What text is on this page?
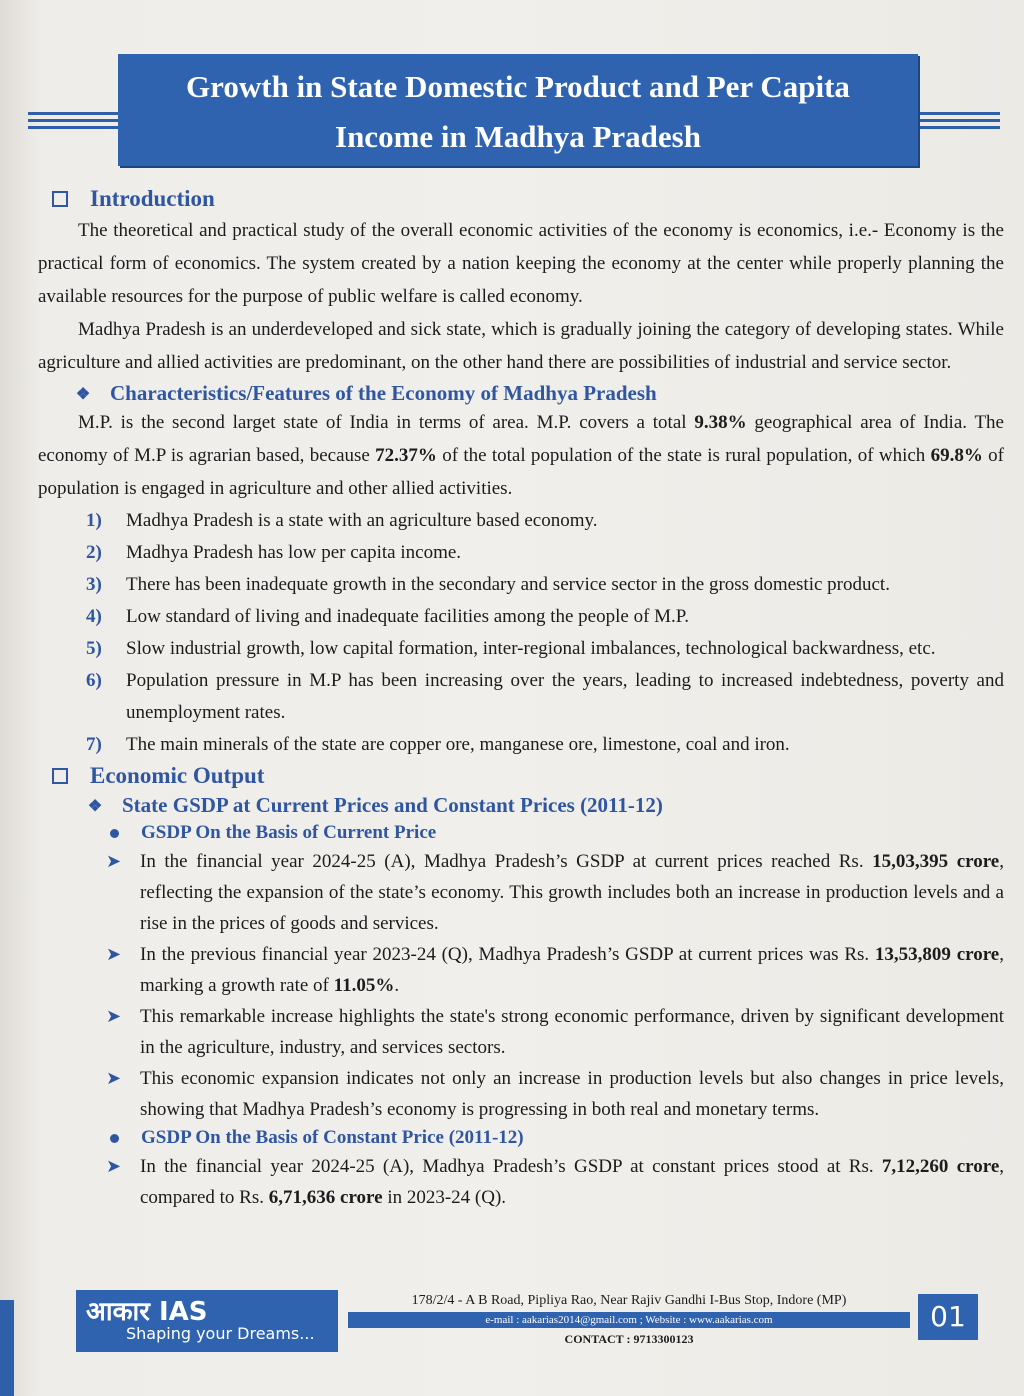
Growth in State Domestic Product and Per Capita
Income in Madhya Pradesh
Introduction

The theoretical and practical study of the overall economic activities of the economy is economics, i.e.- Economy is the practical form of economics. The system created by a nation keeping the economy at the center while properly planning the available resources for the purpose of public welfare is called economy.

Madhya Pradesh is an underdeveloped and sick state, which is gradually joining the category of developing states. While agriculture and allied activities are predominant, on the other hand there are possibilities of industrial and service sector.

❖ Characteristics/Features of the Economy of Madhya Pradesh

M.P. is the second larget state of India in terms of area. M.P. covers a total 9.38% geographical area of India. The economy of M.P is agrarian based, because 72.37% of the total population of the state is rural population, of which 69.8% of population is engaged in agriculture and other allied activities.

1)	Madhya Pradesh is a state with an agriculture based economy.
2)	Madhya Pradesh has low per capita income.
3)	There has been inadequate growth in the secondary and service sector in the gross domestic product.
4)	Low standard of living and inadequate facilities among the people of M.P.
5)	Slow industrial growth, low capital formation, inter-regional imbalances, technological backwardness, etc.
6)	Population pressure in M.P has been increasing over the years, leading to increased indebtedness, poverty and unemployment rates.
7)	The main minerals of the state are copper ore, manganese ore, limestone, coal and iron.
Economic Output
❖ State GSDP at Current Prices and Constant Prices (2011-12)
GSDP On the Basis of Current Price
➤ In the financial year 2024-25 (A), Madhya Pradesh’s GSDP at current prices reached Rs. 15,03,395 crore, reflecting the expansion of the state’s economy. This growth includes both an increase in production levels and a rise in the prices of goods and services.
➤ In the previous financial year 2023-24 (Q), Madhya Pradesh’s GSDP at current prices was Rs. 13,53,809 crore, marking a growth rate of 11.05%.
➤ This remarkable increase highlights the state's strong economic performance, driven by significant development in the agriculture, industry, and services sectors.
➤ This economic expansion indicates not only an increase in production levels but also changes in price levels, showing that Madhya Pradesh’s economy is progressing in both real and monetary terms.
GSDP On the Basis of Constant Price (2011-12)
➤ In the financial year 2024-25 (A), Madhya Pradesh’s GSDP at constant prices stood at Rs. 7,12,260 crore, compared to Rs. 6,71,636 crore in 2023-24 (Q).
आकार IAS
Shaping your Dreams...
178/2/4 - A B Road, Pipliya Rao, Near Rajiv Gandhi I-Bus Stop, Indore (MP)
e-mail : aakarias2014@gmail.com ; Website : www.aakarias.com
CONTACT : 9713300123
01
